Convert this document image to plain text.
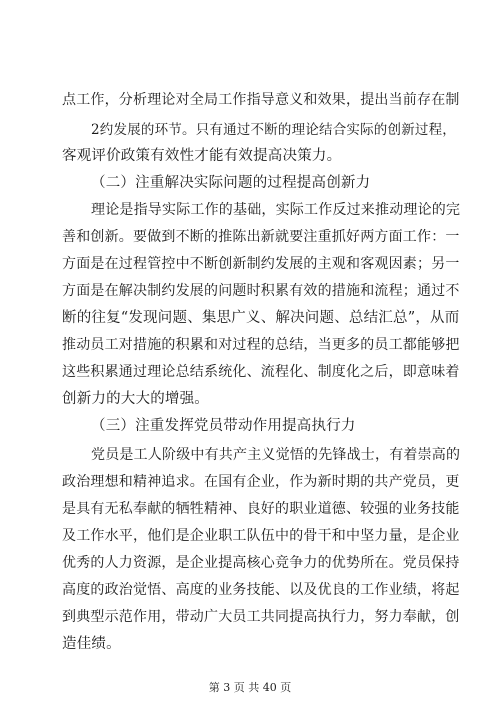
点工作，分析理论对全局工作指导意义和效果，提出当前存在制
2约发展的环节。只有通过不断的理论结合实际的创新过程，
客观评价政策有效性才能有效提高决策力。
（二）注重解决实际问题的过程提高创新力
理论是指导实际工作的基础，实际工作反过来推动理论的完
善和创新。要做到不断的推陈出新就要注重抓好两方面工作：一
方面是在过程管控中不断创新制约发展的主观和客观因素；另一
方面是在解决制约发展的问题时积累有效的措施和流程；通过不
断的往复“发现问题、集思广义、解决问题、总结汇总”，从而
推动员工对措施的积累和对过程的总结，当更多的员工都能够把
这些积累通过理论总结系统化、流程化、制度化之后，即意味着
创新力的大大的增强。
（三）注重发挥党员带动作用提高执行力
党员是工人阶级中有共产主义觉悟的先锋战士，有着崇高的
政治理想和精神追求。在国有企业，作为新时期的共产党员，更
是具有无私奉献的牺牲精神、良好的职业道德、较强的业务技能
及工作水平，他们是企业职工队伍中的骨干和中坚力量，是企业
优秀的人力资源，是企业提高核心竞争力的优势所在。党员保持
高度的政治觉悟、高度的业务技能、以及优良的工作业绩，将起
到典型示范作用，带动广大员工共同提高执行力，努力奉献，创
造佳绩。
第 3 页 共 40 页
